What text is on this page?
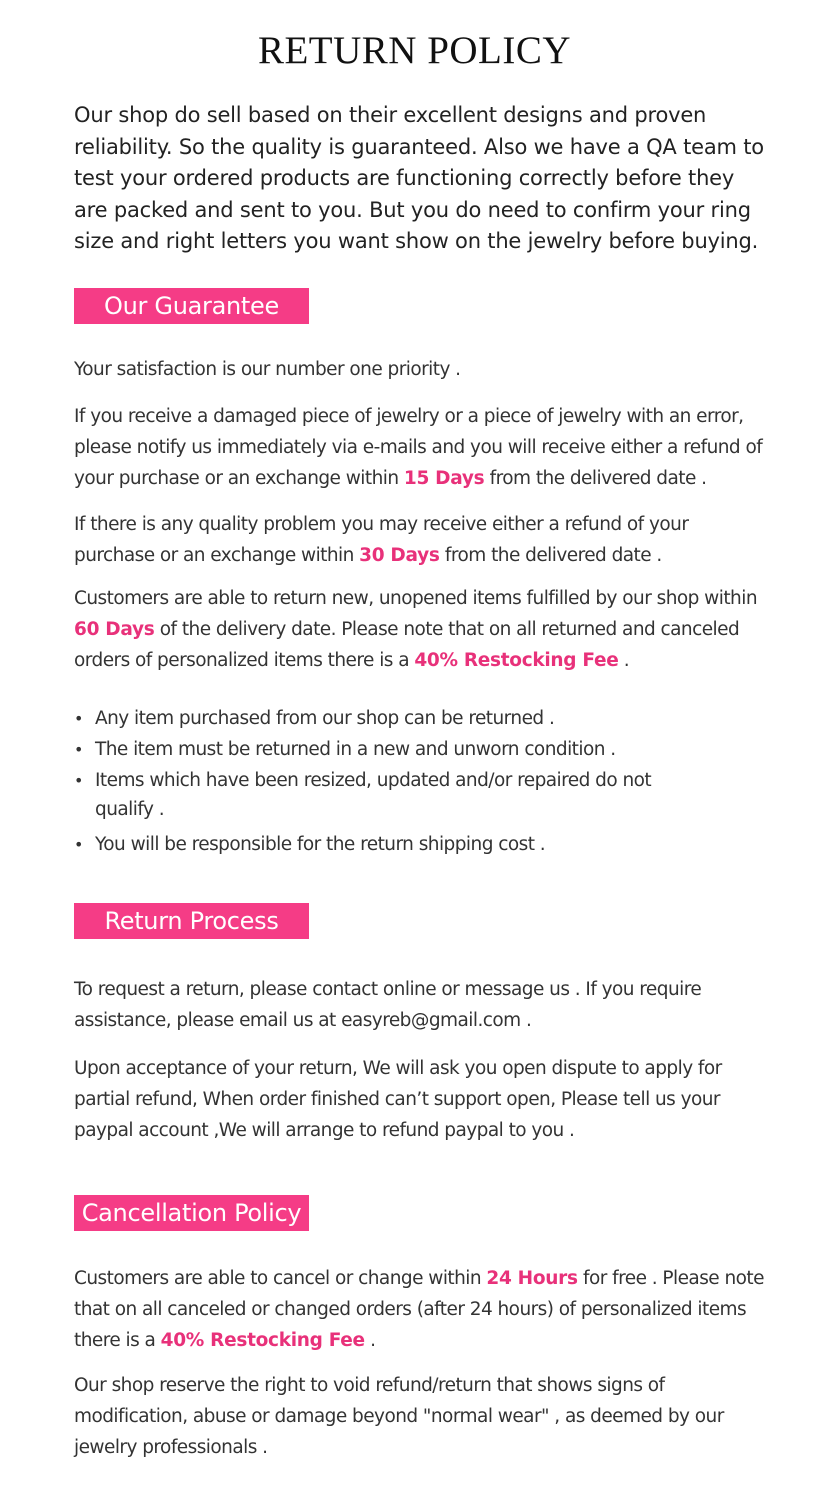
RETURN POLICY

Our shop do sell based on their excellent designs and proven reliability. So the quality is guaranteed. Also we have a QA team to test your ordered products are functioning correctly before they are packed and sent to you. But you do need to confirm your ring size and right letters you want show on the jewelry before buying.

Our Guarantee

Your satisfaction is our number one priority .

If you receive a damaged piece of jewelry or a piece of jewelry with an error, please notify us immediately via e-mails and you will receive either a refund of your purchase or an exchange within 15 Days from the delivered date .

If there is any quality problem you may receive either a refund of your purchase or an exchange within 30 Days from the delivered date .

Customers are able to return new, unopened items fulfilled by our shop within 60 Days of the delivery date. Please note that on all returned and canceled orders of personalized items there is a 40% Restocking Fee .

• Any item purchased from our shop can be returned .
• The item must be returned in a new and unworn condition .
• Items which have been resized, updated and/or repaired do not qualify .
• You will be responsible for the return shipping cost .
Return Process

To request a return, please contact online or message us . If you require assistance, please email us at easyreb@gmail.com .

Upon acceptance of your return, We will ask you open dispute to apply for partial refund, When order finished can’t support open, Please tell us your paypal account ,We will arrange to refund paypal to you .

Cancellation Policy

Customers are able to cancel or change within 24 Hours for free . Please note that on all canceled or changed orders (after 24 hours) of personalized items there is a 40% Restocking Fee .

Our shop reserve the right to void refund/return that shows signs of modification, abuse or damage beyond "normal wear" , as deemed by our jewelry professionals .
